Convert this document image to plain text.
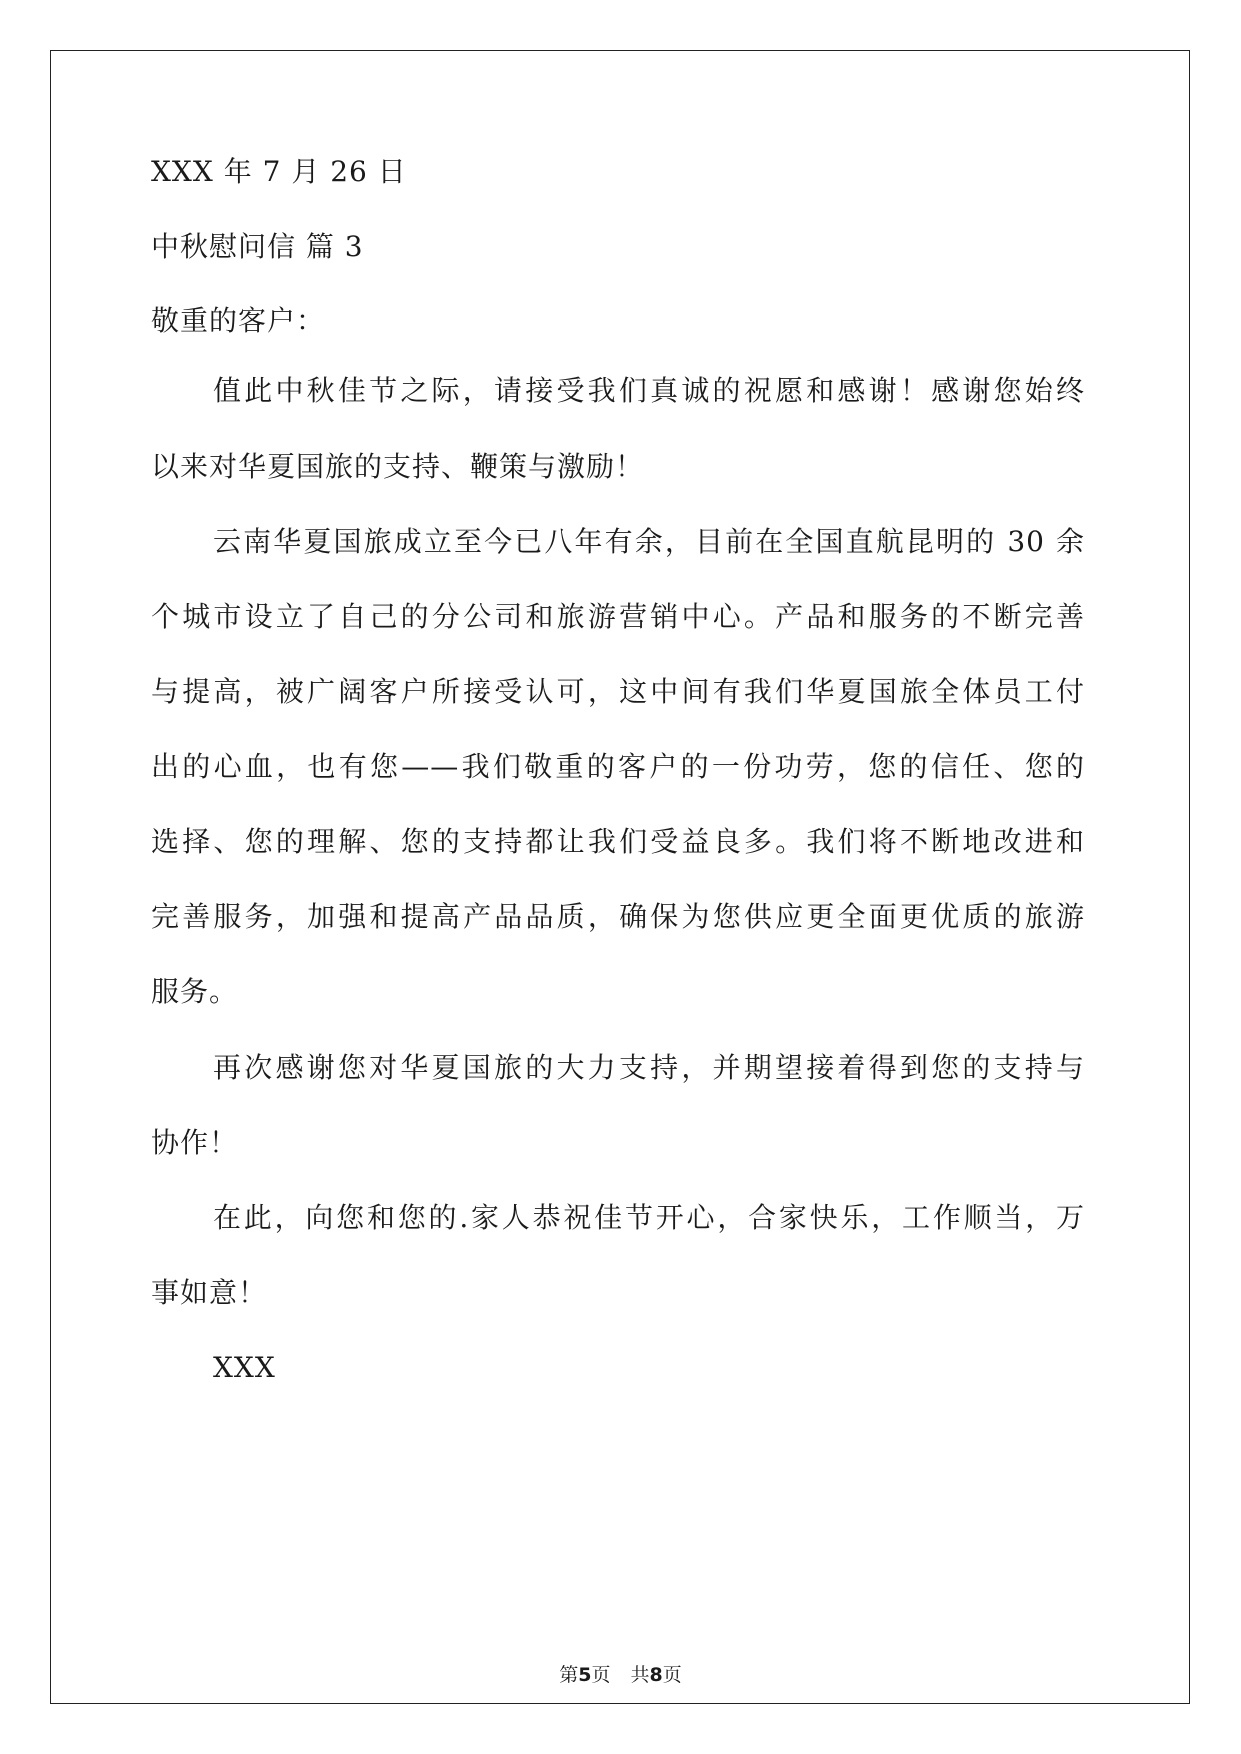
XXX 年 7 月 26 日
中秋慰问信 篇 3
敬重的客户：
值此中秋佳节之际，请接受我们真诚的祝愿和感谢！感谢您始终
以来对华夏国旅的支持、鞭策与激励！
云南华夏国旅成立至今已八年有余，目前在全国直航昆明的 30 余
个城市设立了自己的分公司和旅游营销中心。产品和服务的不断完善
与提高，被广阔客户所接受认可，这中间有我们华夏国旅全体员工付
出的心血，也有您——我们敬重的客户的一份功劳，您的信任、您的
选择、您的理解、您的支持都让我们受益良多。我们将不断地改进和
完善服务，加强和提高产品品质，确保为您供应更全面更优质的旅游
服务。
再次感谢您对华夏国旅的大力支持，并期望接着得到您的支持与
协作！
在此，向您和您的.家人恭祝佳节开心，合家快乐，工作顺当，万
事如意！
XXX
第5页 共8页
